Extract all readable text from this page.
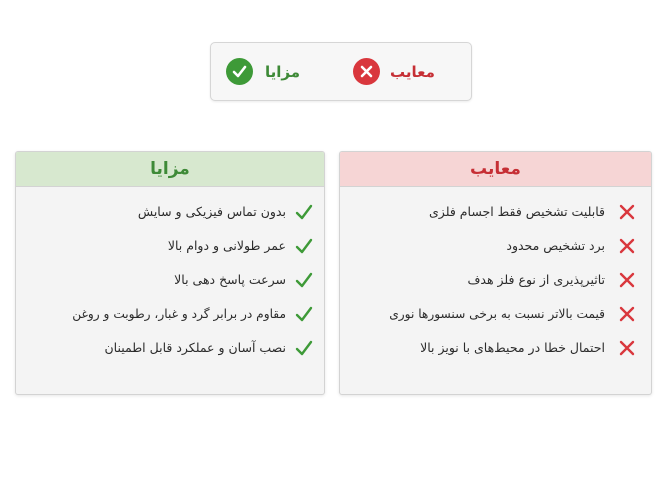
معایب
مزایا
مزایا
بدون تماس فیزیکی و سایش
عمر طولانی و دوام بالا
سرعت پاسخ دهی بالا
مقاوم در برابر گرد و غبار، رطوبت و روغن
نصب آسان و عملکرد قابل اطمینان
معایب
قابلیت تشخیص فقط اجسام فلزی
برد تشخیص محدود
تاثیرپذیری از نوع فلز هدف
قیمت بالاتر نسبت به برخی سنسورها نوری
احتمال خطا در محیط‌های با نویز بالا
